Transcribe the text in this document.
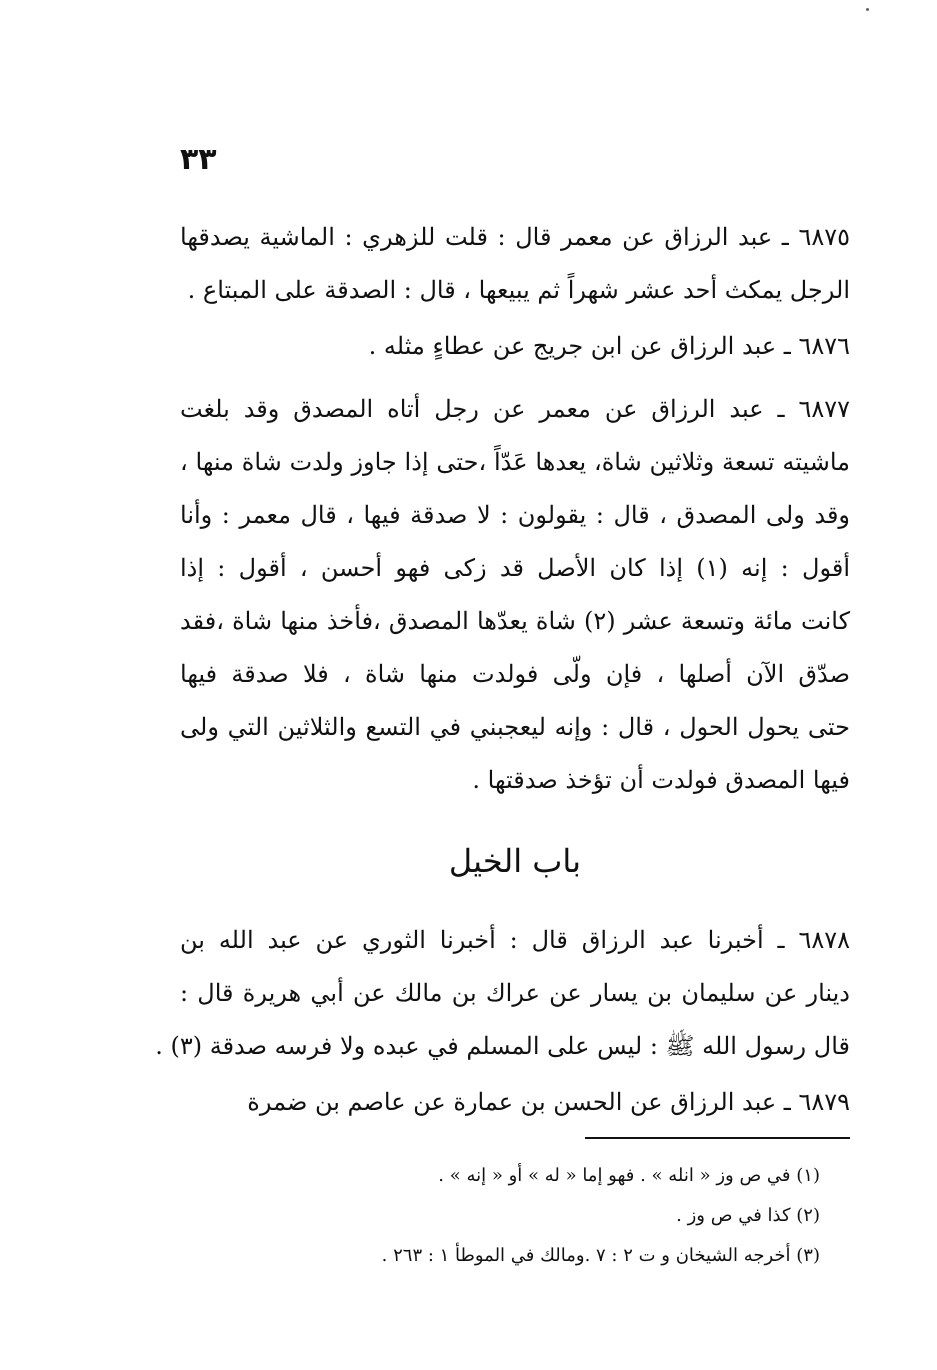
٣٣
٦٨٧٥ ـ عبد الرزاق عن معمر قال : قلت للزهري : الماشية يصدقها
الرجل يمكث أحد عشر شهراً ثم يبيعها ، قال : الصدقة على المبتاع .
٦٨٧٦ ـ عبد الرزاق عن ابن جريج عن عطاءٍ مثله .
٦٨٧٧ ـ عبد الرزاق عن معمر عن رجل أتاه المصدق وقد بلغت
ماشيته تسعة وثلاثين شاة، يعدها عَدّاً ،حتى إذا جاوز ولدت شاة منها ،
وقد ولى المصدق ، قال : يقولون : لا صدقة فيها ، قال معمر : وأنا
أقول : إنه (١) إذا كان الأصل قد زكى فهو أحسن ، أقول : إذا
كانت مائة وتسعة عشر (٢) شاة يعدّها المصدق ،فأخذ منها شاة ،فقد
صدّق الآن أصلها ، فإن ولّى فولدت منها شاة ، فلا صدقة فيها
حتى يحول الحول ، قال : وإنه ليعجبني في التسع والثلاثين التي ولى
فيها المصدق فولدت أن تؤخذ صدقتها .
باب الخيل
٦٨٧٨ ـ أخبرنا عبد الرزاق قال : أخبرنا الثوري عن عبد الله بن
دينار عن سليمان بن يسار عن عراك بن مالك عن أبي هريرة قال :
قال رسول الله ﷺ : ليس على المسلم في عبده ولا فرسه صدقة (٣) .
٦٨٧٩ ـ عبد الرزاق عن الحسن بن عمارة عن عاصم بن ضمرة
(١) في ص وز « انله » . فهو إما « له » أو « إنه » .
(٢) كذا في ص وز .
(٣) أخرجه الشيخان و ت ٢ : ٧ .ومالك في الموطأ ١ : ٢٦٣ .
